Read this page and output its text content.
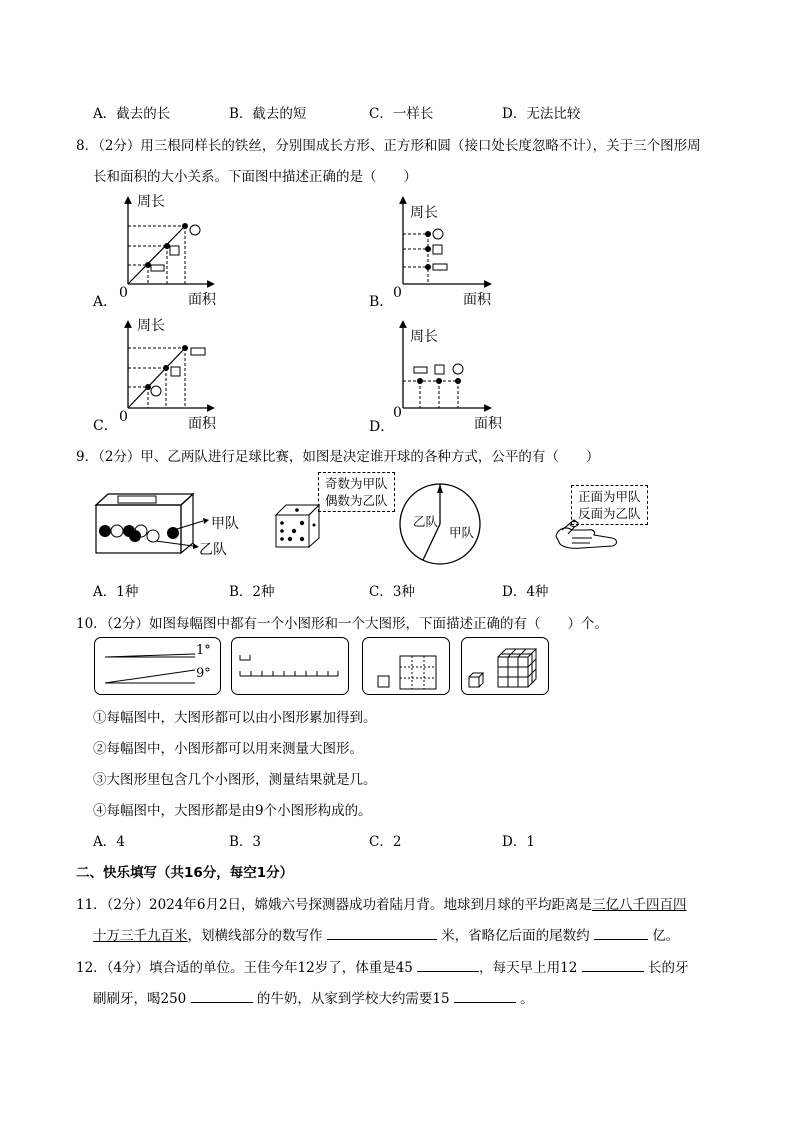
A．截去的长	B．截去的短	C．一样长	D．无法比较
8．（2分）用三根同样长的铁丝，分别围成长方形、正方形和圆（接口处长度忽略不计），关于三个图形周
长和面积的大小关系。下面图中描述正确的是（　　）
周长
面积
0
A．
周长
面积
0
B．
周长
面积
0
C．
周长
面积
0
D．
9．（2分）甲、乙两队进行足球比赛，如图是决定谁开球的各种方式，公平的有（　　）
甲队
乙队
奇数为甲队
偶数为乙队
乙队
甲队
正面为甲队
反面为乙队
A．1种	B．2种	C．3种	D．4种
10．（2分）如图每幅图中都有一个小图形和一个大图形，下面描述正确的有（　　）个。
1°
9°
①每幅图中，大图形都可以由小图形累加得到。
②每幅图中，小图形都可以用来测量大图形。
③大图形里包含几个小图形，测量结果就是几。
④每幅图中，大图形都是由9个小图形构成的。
A．4	B．3	C．2	D．1
二、快乐填写（共16分，每空1分）
11．（2分）2024年6月2日，嫦娥六号探测器成功着陆月背。地球到月球的平均距离是三亿八千四百四
十万三千九百米，划横线部分的数写作	米，省略亿后面的尾数约	亿。
12．（4分）填合适的单位。王佳今年12岁了，体重是45	，每天早上用12	长的牙
刷刷牙，喝250	的牛奶，从家到学校大约需要15	。
